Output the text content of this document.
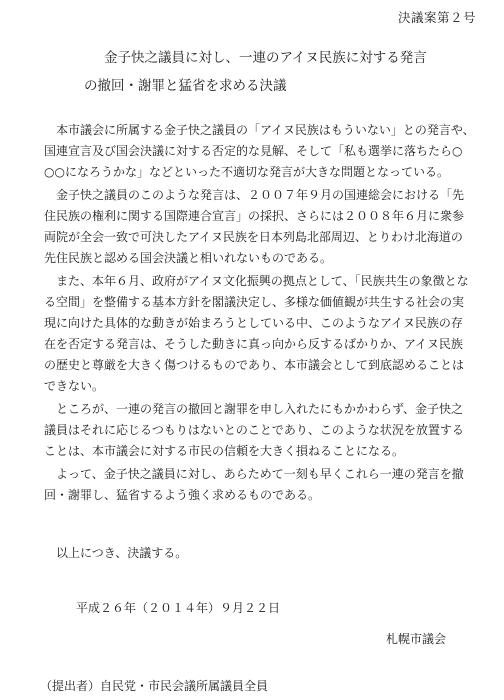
決議案第２号
金子快之議員に対し、一連のアイヌ民族に対する発言
の撤回・謝罪と猛省を求める決議
本市議会に所属する金子快之議員の「アイヌ民族はもういない」との発言や、
国連宣言及び国会決議に対する否定的な見解、そして「私も選挙に落ちたら○
○○になろうかな」などといった不適切な発言が大きな問題となっている。
金子快之議員のこのような発言は、２００７年９月の国連総会における「先
住民族の権利に関する国際連合宣言」の採択、さらには２００８年６月に衆参
両院が全会一致で可決したアイヌ民族を日本列島北部周辺、とりわけ北海道の
先住民族と認める国会決議と相いれないものである。
また、本年６月、政府がアイヌ文化振興の拠点として、「民族共生の象徴とな
る空間」を整備する基本方針を閣議決定し、多様な価値観が共生する社会の実
現に向けた具体的な動きが始まろうとしている中、このようなアイヌ民族の存
在を否定する発言は、そうした動きに真っ向から反するばかりか、アイヌ民族
の歴史と尊厳を大きく傷つけるものであり、本市議会として到底認めることは
できない。
ところが、一連の発言の撤回と謝罪を申し入れたにもかかわらず、金子快之
議員はそれに応じるつもりはないとのことであり、このような状況を放置する
ことは、本市議会に対する市民の信頼を大きく損ねることになる。
よって、金子快之議員に対し、あらためて一刻も早くこれら一連の発言を撤
回・謝罪し、猛省するよう強く求めるものである。
以上につき、決議する。
平成２６年（２０１４年）９月２２日
札幌市議会
（提出者）自民党・市民会議所属議員全員
